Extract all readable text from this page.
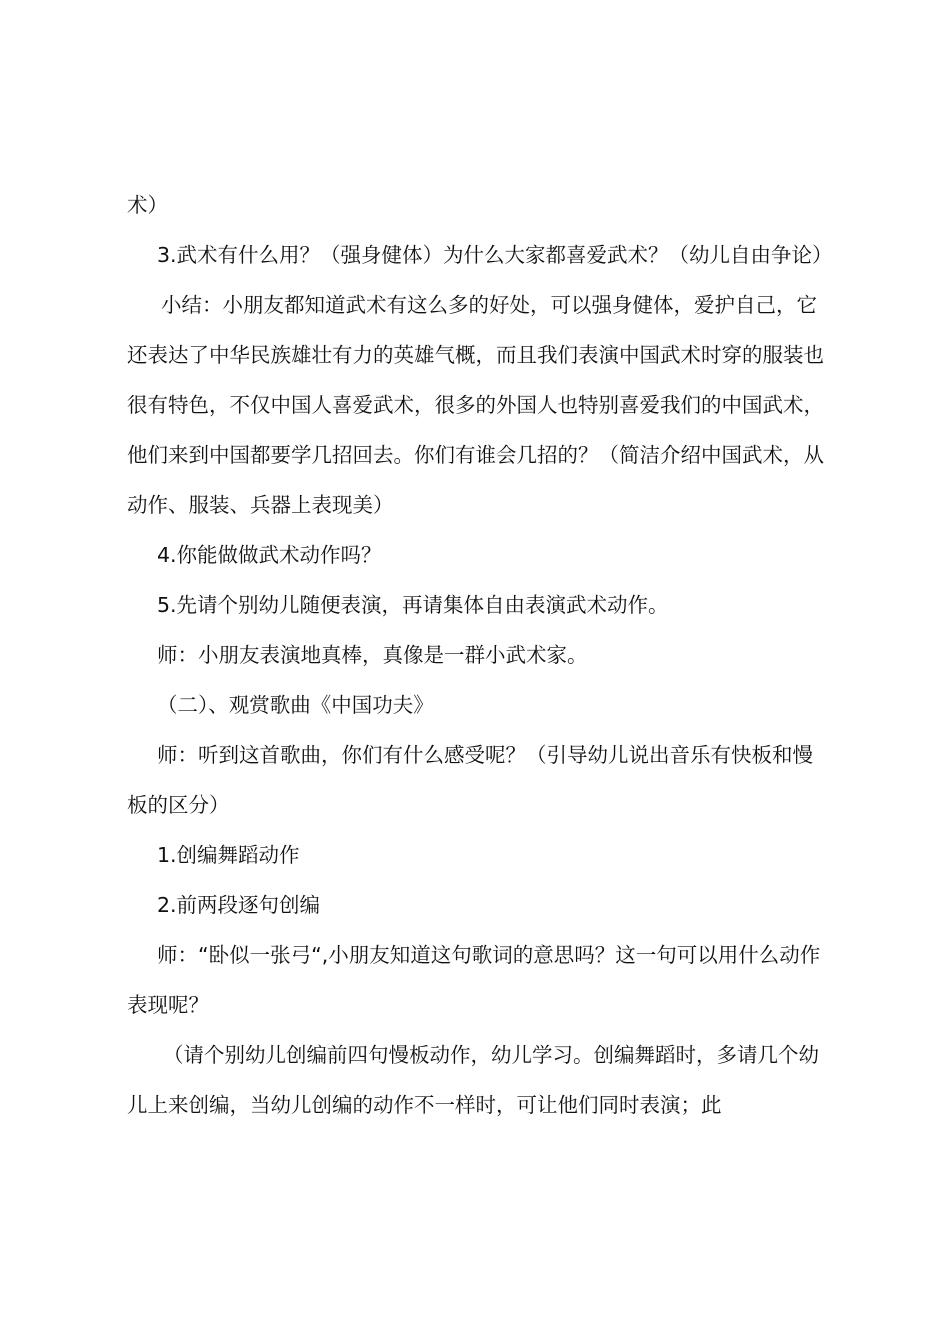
术）

3.武术有什么用？（强身健体）为什么大家都喜爱武术？（幼儿自由争论）

小结：小朋友都知道武术有这么多的好处，可以强身健体，爱护自己，它还表达了中华民族雄壮有力的英雄气概，而且我们表演中国武术时穿的服装也很有特色，不仅中国人喜爱武术，很多的外国人也特别喜爱我们的中国武术，他们来到中国都要学几招回去。你们有谁会几招的？（简洁介绍中国武术，从动作、服装、兵器上表现美）

4.你能做做武术动作吗？

5.先请个别幼儿随便表演，再请集体自由表演武术动作。

师：小朋友表演地真棒，真像是一群小武术家。

（二）、观赏歌曲《中国功夫》

师：听到这首歌曲，你们有什么感受呢？（引导幼儿说出音乐有快板和慢板的区分）

1.创编舞蹈动作

2.前两段逐句创编

师：“卧似一张弓“,小朋友知道这句歌词的意思吗？这一句可以用什么动作表现呢？

（请个别幼儿创编前四句慢板动作，幼儿学习。创编舞蹈时，多请几个幼儿上来创编，当幼儿创编的动作不一样时，可让他们同时表演；此
